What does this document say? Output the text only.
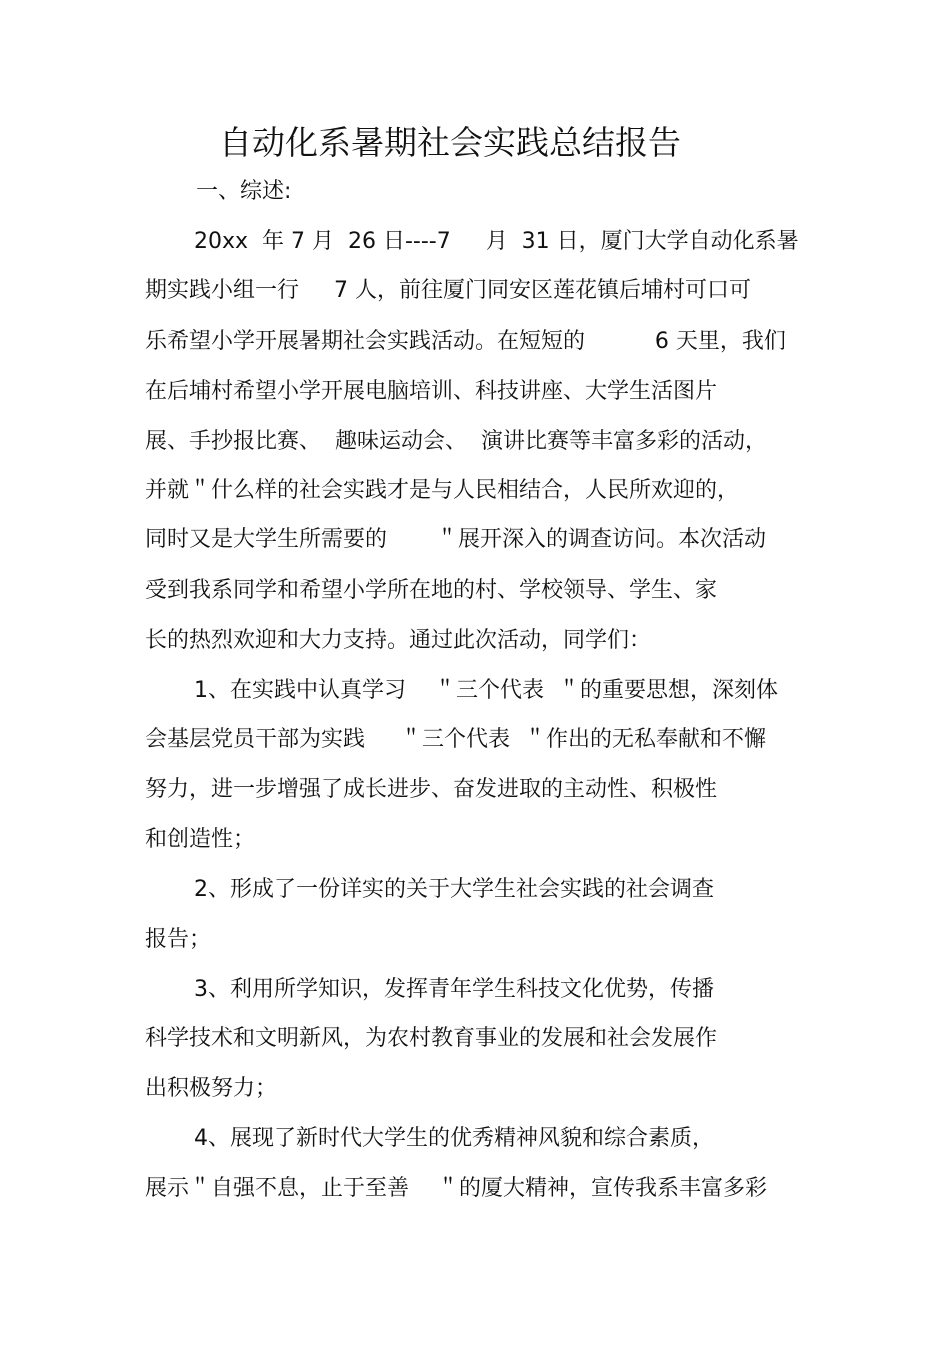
自动化系暑期社会实践总结报告
一、综述:
20xx  年 7 月  26 日----7     月  31 日，厦门大学自动化系暑
期实践小组一行     7 人，前往厦门同安区莲花镇后埔村可口可
乐希望小学开展暑期社会实践活动。在短短的          6 天里，我们
在后埔村希望小学开展电脑培训、科技讲座、大学生活图片
展、手抄报比赛、  趣味运动会、  演讲比赛等丰富多彩的活动，
并就＂什么样的社会实践才是与人民相结合，人民所欢迎的，
同时又是大学生所需要的       ＂展开深入的调查访问。本次活动
受到我系同学和希望小学所在地的村、学校领导、学生、家
长的热烈欢迎和大力支持。通过此次活动，同学们：
1、在实践中认真学习    ＂三个代表  ＂的重要思想，深刻体
会基层党员干部为实践     ＂三个代表  ＂作出的无私奉献和不懈
努力，进一步增强了成长进步、奋发进取的主动性、积极性
和创造性；
2、形成了一份详实的关于大学生社会实践的社会调查
报告；
3、利用所学知识，发挥青年学生科技文化优势，传播
科学技术和文明新风，为农村教育事业的发展和社会发展作
出积极努力；
4、展现了新时代大学生的优秀精神风貌和综合素质，
展示＂自强不息，止于至善    ＂的厦大精神，宣传我系丰富多彩
